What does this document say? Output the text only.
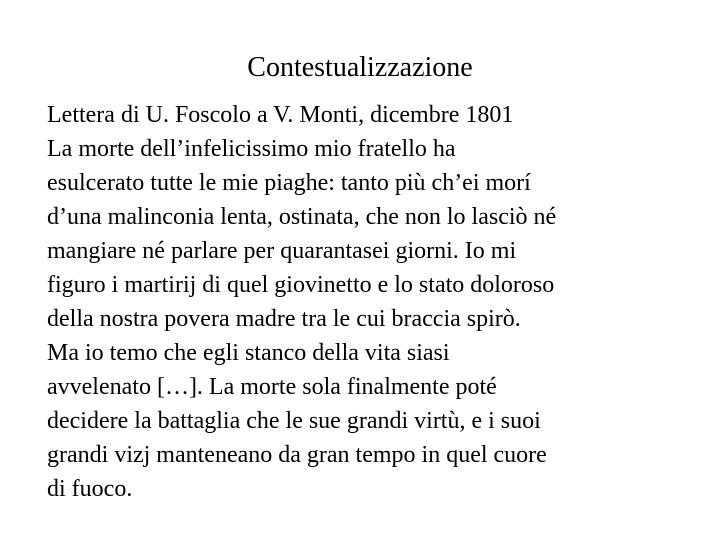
Contestualizzazione
Lettera di U. Foscolo a V. Monti, dicembre 1801
La morte dell’infelicissimo mio fratello ha
esulcerato tutte le mie piaghe: tanto più ch’ei morí
d’una malinconia lenta, ostinata, che non lo lasciò né
mangiare né parlare per quarantasei giorni. Io mi
figuro i martirij di quel giovinetto e lo stato doloroso
della nostra povera madre tra le cui braccia spirò.
Ma io temo che egli stanco della vita siasi
avvelenato […]. La morte sola finalmente poté
decidere la battaglia che le sue grandi virtù, e i suoi
grandi vizj manteneano da gran tempo in quel cuore
di fuoco.
